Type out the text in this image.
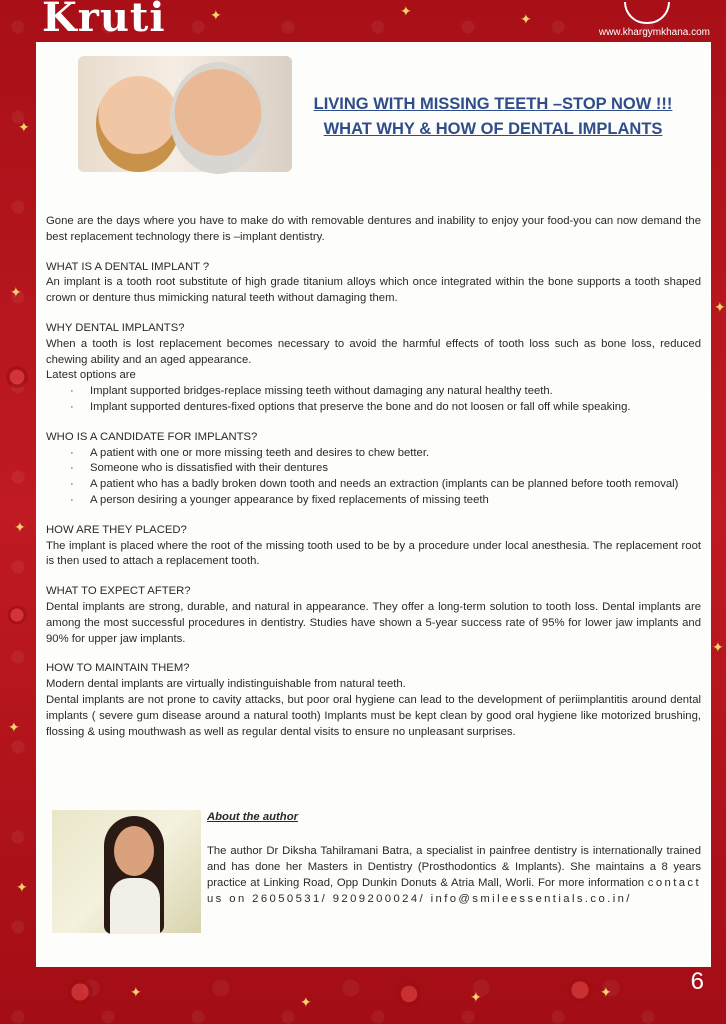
Kruti	www.khargymkhana.com
✦
✦
✦
✦
✦
✦	✦	✦
✦
✦	✦	✦
✦
✦
LIVING WITH MISSING TEETH –STOP NOW !!!
WHAT WHY & HOW OF DENTAL IMPLANTS

Gone are the days where you have to make do with removable dentures and inability to enjoy your food-you can now demand the best replacement technology there is –implant dentistry.

WHAT IS A DENTAL IMPLANT ?

An implant is a tooth root substitute of high grade titanium alloys which once integrated within the bone supports a tooth shaped crown or denture thus mimicking natural teeth without damaging them.

WHY DENTAL IMPLANTS?

When a tooth is lost replacement becomes necessary to avoid the harmful effects of tooth loss such as bone loss, reduced chewing ability and an aged appearance.

Latest options are

· Implant supported bridges-replace missing teeth without damaging any natural healthy teeth.
· Implant supported dentures-fixed options that preserve the bone and do not loosen or fall off while speaking.
WHO IS A CANDIDATE FOR IMPLANTS?
· A patient with one or more missing teeth and desires to chew better.
· Someone who is dissatisfied with their dentures
· A patient who has a badly broken down tooth and needs an extraction (implants can be planned before tooth removal)
· A person desiring a younger appearance by fixed replacements of missing teeth
HOW ARE THEY PLACED?

The implant is placed where the root of the missing tooth used to be by a procedure under local anesthesia. The replacement root is then used to attach a replacement tooth.

WHAT TO EXPECT AFTER?

Dental implants are strong, durable, and natural in appearance. They offer a long-term solution to tooth loss. Dental implants are among the most successful procedures in dentistry. Studies have shown a 5-year success rate of 95% for lower jaw implants and 90% for upper jaw implants.

HOW TO MAINTAIN THEM?

Modern dental implants are virtually indistinguishable from natural teeth.

Dental implants are not prone to cavity attacks, but poor oral hygiene can lead to the development of periimplantitis around dental implants ( severe gum disease around a natural tooth) Implants must be kept clean by good oral hygiene like motorized brushing, flossing & using mouthwash as well as regular dental visits to ensure no unpleasant surprises.

About the author
The author Dr Diksha Tahilramani Batra, a specialist in painfree dentistry is internationally trained and has done her Masters in Dentistry (Prosthodontics & Implants). She maintains a 8 years practice at Linking Road, Opp Dunkin Donuts & Atria Mall, Worli. For more information contact us on 26050531/ 9209200024/ info@smileessentials.co.in/
6
